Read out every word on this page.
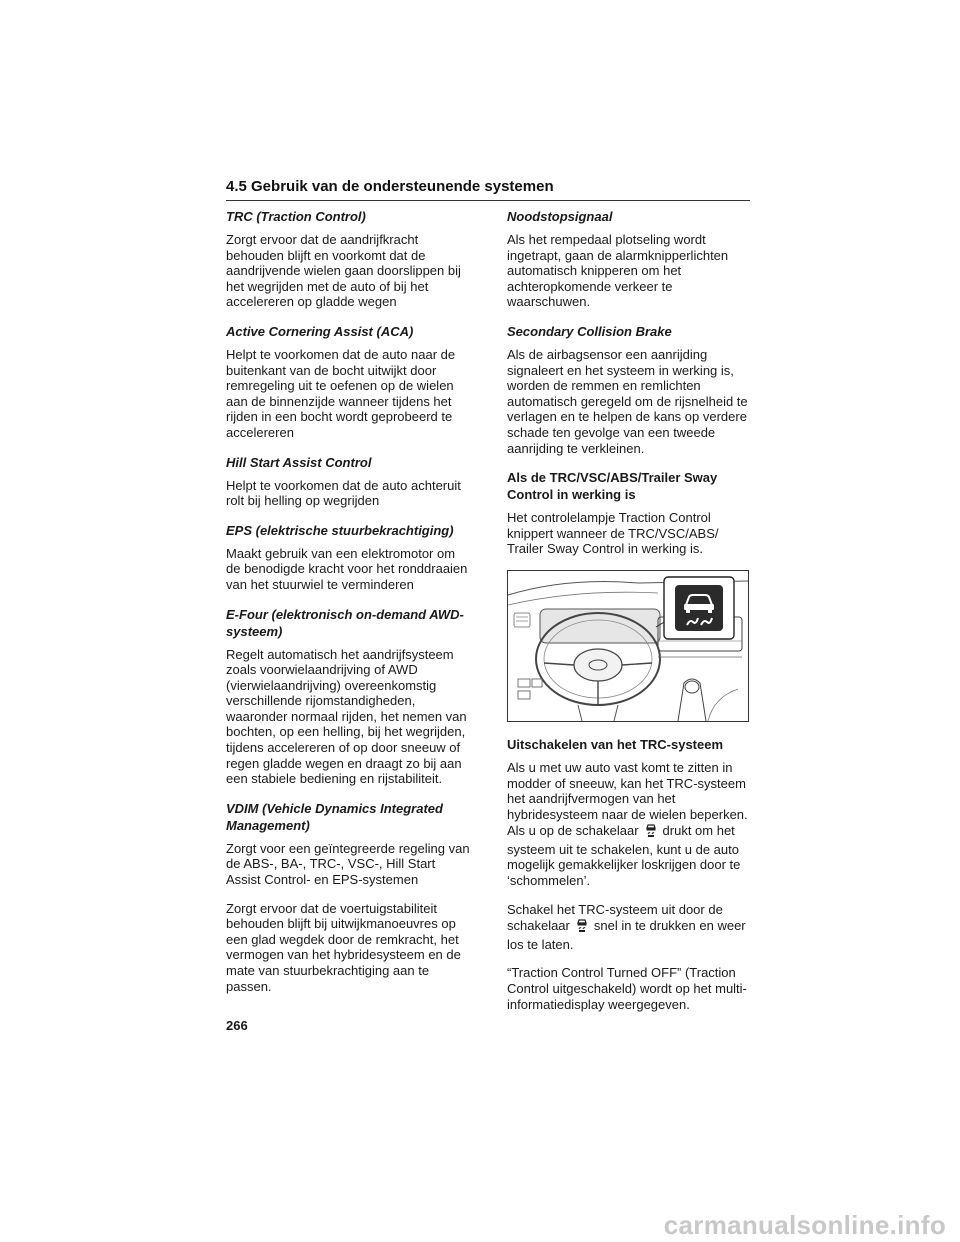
4.5 Gebruik van de ondersteunende systemen
TRC (Traction Control)
Zorgt ervoor dat de aandrijfkracht behouden blijft en voorkomt dat de aandrijvende wielen gaan doorslippen bij het wegrijden met de auto of bij het accelereren op gladde wegen
Active Cornering Assist (ACA)
Helpt te voorkomen dat de auto naar de buitenkant van de bocht uitwijkt door remregeling uit te oefenen op de wielen aan de binnenzijde wanneer tijdens het rijden in een bocht wordt geprobeerd te accelereren
Hill Start Assist Control
Helpt te voorkomen dat de auto achteruit rolt bij helling op wegrijden
EPS (elektrische stuurbekrachtiging)
Maakt gebruik van een elektromotor om de benodigde kracht voor het ronddraaien van het stuurwiel te verminderen
E-Four (elektronisch on-demand AWD-systeem)
Regelt automatisch het aandrijfsysteem zoals voorwielaandrijving of AWD (vierwielaandrijving) overeenkomstig verschillende rijomstandigheden, waaronder normaal rijden, het nemen van bochten, op een helling, bij het wegrijden, tijdens accelereren of op door sneeuw of regen gladde wegen en draagt zo bij aan een stabiele bediening en rijstabiliteit.
VDIM (Vehicle Dynamics Integrated Management)
Zorgt voor een geïntegreerde regeling van de ABS-, BA-, TRC-, VSC-, Hill Start Assist Control- en EPS-systemen
Zorgt ervoor dat de voertuigstabiliteit behouden blijft bij uitwijkmanoeuvres op een glad wegdek door de remkracht, het vermogen van het hybridesysteem en de mate van stuurbekrachtiging aan te passen.
Noodstopsignaal
Als het rempedaal plotseling wordt ingetrapt, gaan de alarmknipperlichten automatisch knipperen om het achteropkomende verkeer te waarschuwen.
Secondary Collision Brake
Als de airbagsensor een aanrijding signaleert en het systeem in werking is, worden de remmen en remlichten automatisch geregeld om de rijsnelheid te verlagen en te helpen de kans op verdere schade ten gevolge van een tweede aanrijding te verkleinen.
Als de TRC/VSC/ABS/Trailer Sway Control in werking is
Het controlelampje Traction Control knippert wanneer de TRC/VSC/ABS/ Trailer Sway Control in werking is.
Uitschakelen van het TRC-systeem
Als u met uw auto vast komt te zitten in modder of sneeuw, kan het TRC-systeem het aandrijfvermogen van het hybridesysteem naar de wielen beperken. Als u op de schakelaar drukt om het systeem uit te schakelen, kunt u de auto mogelijk gemakkelijker loskrijgen door te ‘schommelen’.
Schakel het TRC-systeem uit door de schakelaar snel in te drukken en weer los te laten.
“Traction Control Turned OFF” (Traction Control uitgeschakeld) wordt op het multi-informatiedisplay weergegeven.
266
carmanualsonline.info
